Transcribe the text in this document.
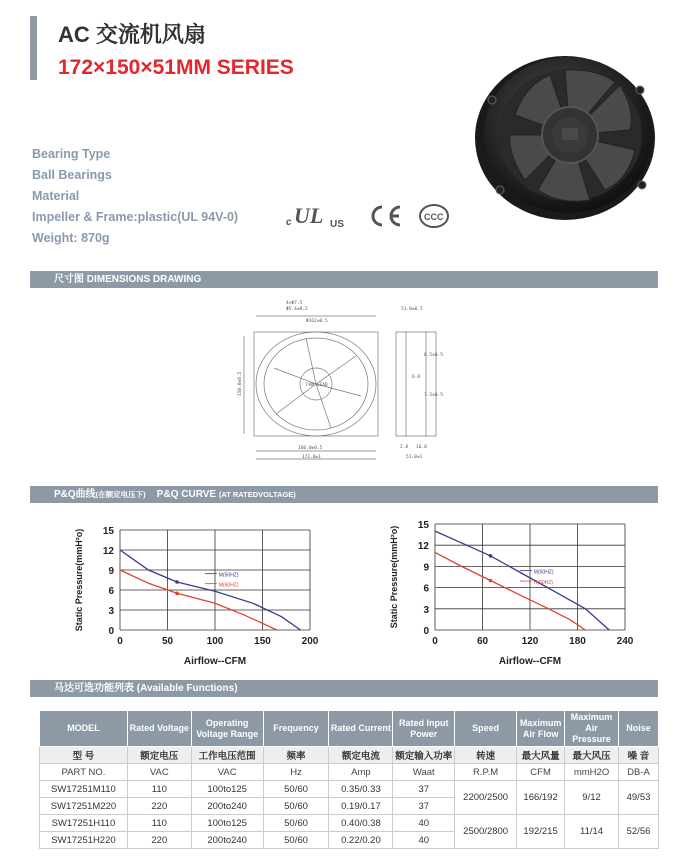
AC 交流机风扇
172×150×51MM SERIES
Bearing Type
Ball Bearings
Material
Impeller & Frame:plastic(UL 94V-0)
Weight: 870g
c UL US
CCC
尺寸图 DIMENSIONS DRAWING
4×Φ7.5
Φ5.4±0.2
Φ162±0.5
51.0±0.5
FAN LEAD
166.0±0.5
172.0±1
8.5±0.5
6.0
7.5±0.5
2.8 16.0
51.0±1
150.0±0.5
P&Q曲线(在额定电压下) P&Q CURVE (AT RATEDVOLTAGE)
0	50	100	150	200
0
3
6
9
12
15
Airflow--CFM
Static Pressure(mmH²o)	M(50HZ)
M(60HZ)
0	60	120	180	240
0
3
6
9
12
15
Airflow--CFM
Static Pressure(mmH²o)	M(50HZ)
H(60HZ)
马达可选功能列表 (Available Functions)
MODEL	Rated Voltage	Operating Voltage Range	Frequency	Rated Current	Rated Input Power	Speed	Maximum Air Flow	Maximum Air Pressure	Noise
型 号	额定电压	工作电压范围	频率	额定电流	额定输入功率	转速	最大风量	最大风压	噪 音
PART NO.	VAC	VAC	Hz	Amp	Waat	R.P.M	CFM	mmH2O	DB-A
SW17251M110	110	100to125	50/60	0.35/0.33	37	2200/2500	166/192	9/12	49/53
SW17251M220	220	200to240	50/60	0.19/0.17	37				
SW17251H110	110	100to125	50/60	0.40/0.38	40	2500/2800	192/215	11/14	52/56
SW17251H220	220	200to240	50/60	0.22/0.20	40				
